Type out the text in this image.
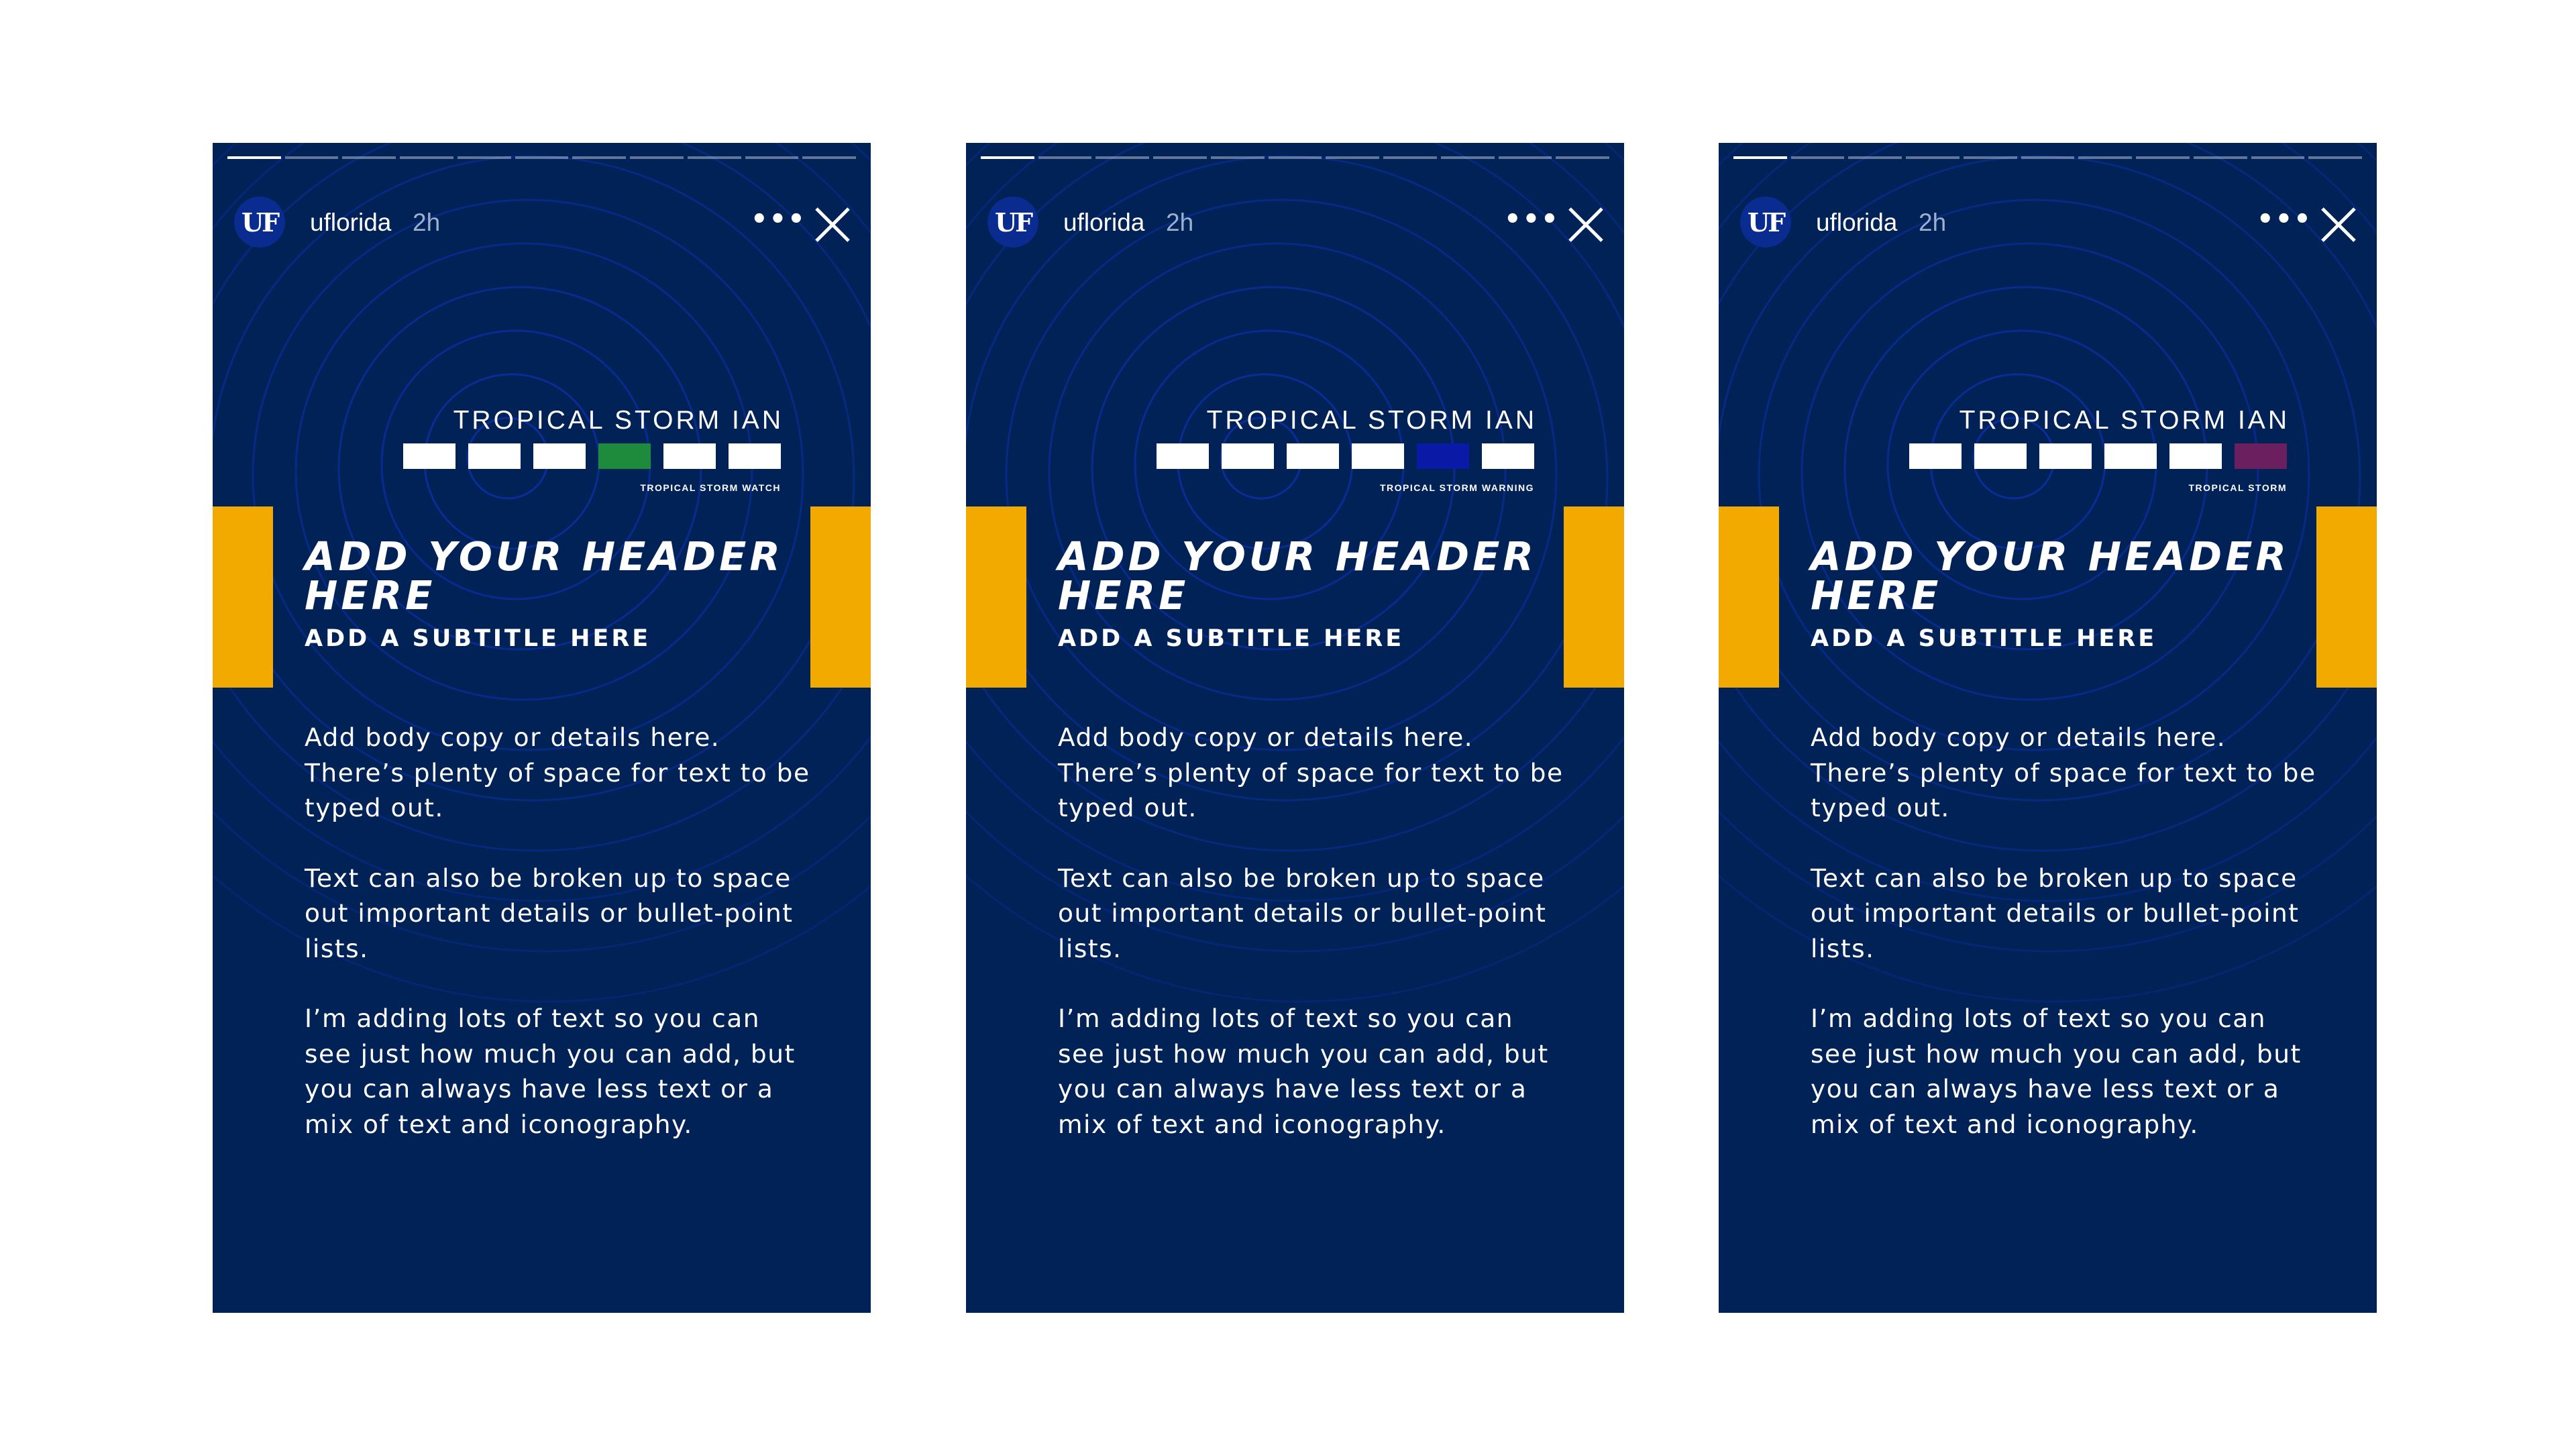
UF uflorida 2h	•••
TROPICAL STORM IAN
TROPICAL STORM WATCH
ADD YOUR HEADER HERE
ADD A SUBTITLE HERE

Add body copy or details here. There’s plenty of space for text to be typed out.

Text can also be broken up to space out important details or bullet-point lists.

I’m adding lots of text so you can see just how much you can add, but you can always have less text or a mix of text and iconography.

UF uflorida 2h	•••
TROPICAL STORM IAN
TROPICAL STORM WARNING
ADD YOUR HEADER HERE
ADD A SUBTITLE HERE

Add body copy or details here. There’s plenty of space for text to be typed out.

Text can also be broken up to space out important details or bullet-point lists.

I’m adding lots of text so you can see just how much you can add, but you can always have less text or a mix of text and iconography.

UF uflorida 2h	•••
TROPICAL STORM IAN
TROPICAL STORM
ADD YOUR HEADER HERE
ADD A SUBTITLE HERE

Add body copy or details here. There’s plenty of space for text to be typed out.

Text can also be broken up to space out important details or bullet-point lists.

I’m adding lots of text so you can see just how much you can add, but you can always have less text or a mix of text and iconography.
